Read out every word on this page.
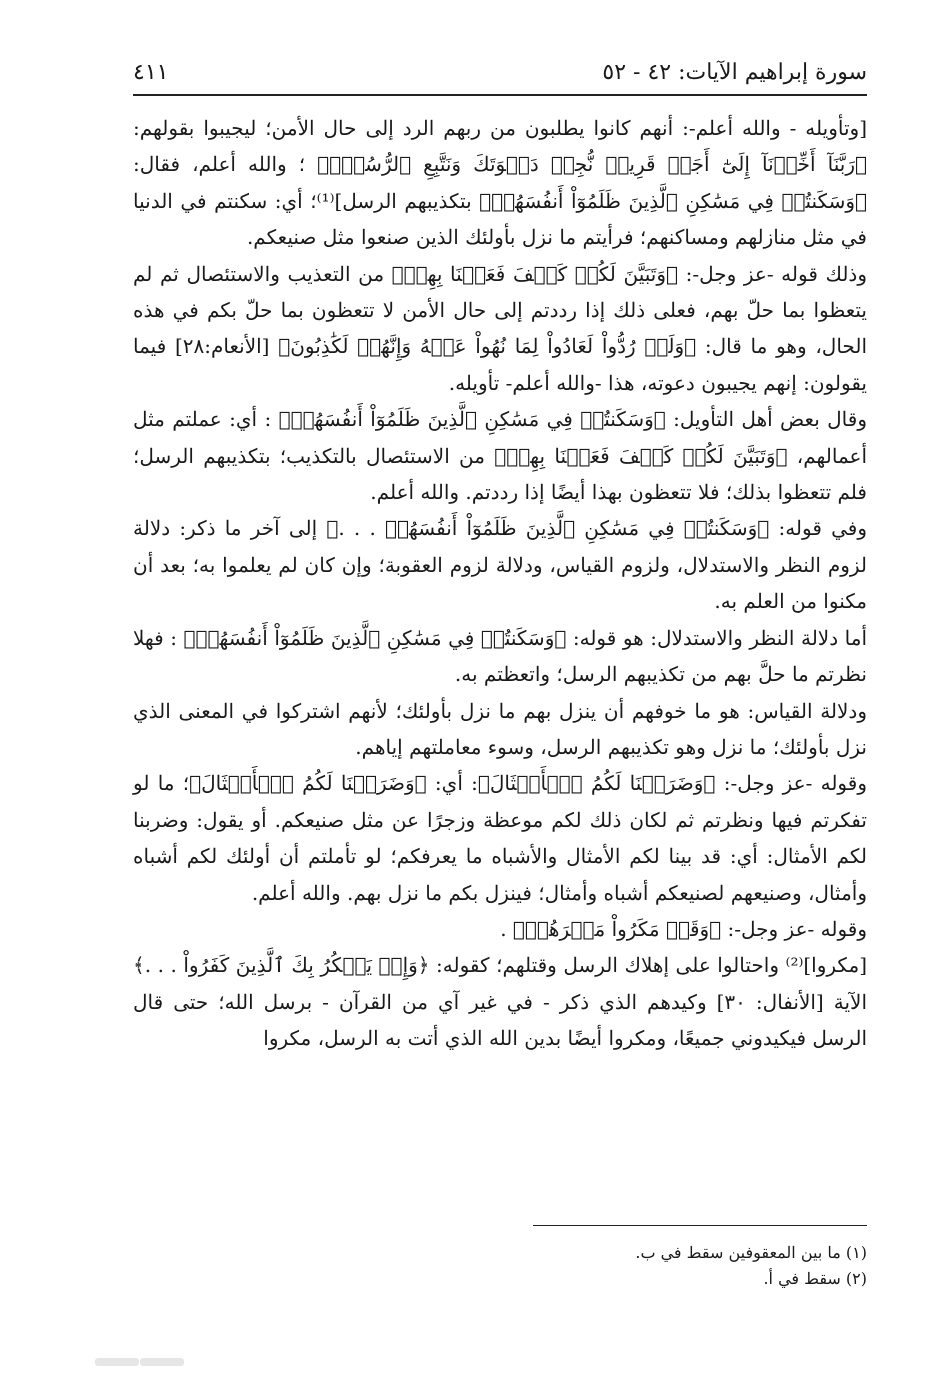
سورة إبراهيم الآيات: ٤٢ - ٥٢
٤١١

[وتأويله - والله أعلم-: أنهم كانوا يطلبون من ربهم الرد إلى حال الأمن؛ ليجيبوا بقولهم: ﴿رَبَّنَآ أَخِّرۡنَآ إِلَىٰٓ أَجَلٖ قَرِيبٖ نُّجِبۡ دَعۡوَتَكَ وَنَتَّبِعِ ٱلرُّسُلَۗ﴾ ؛ والله أعلم، فقال: ﴿وَسَكَنتُمۡ فِي مَسَٰكِنِ ٱلَّذِينَ ظَلَمُوٓاْ أَنفُسَهُمۡ﴾ بتكذيبهم الرسل]⁽¹⁾؛ أي: سكنتم في الدنيا في مثل منازلهم ومساكنهم؛ فرأيتم ما نزل بأولئك الذين صنعوا مثل صنيعكم.

وذلك قوله -عز وجل-: ﴿وَتَبَيَّنَ لَكُمۡ كَيۡفَ فَعَلۡنَا بِهِمۡ﴾ من التعذيب والاستئصال ثم لم يتعظوا بما حلّ بهم، فعلى ذلك إذا رددتم إلى حال الأمن لا تتعظون بما حلّ بكم في هذه الحال، وهو ما قال: ﴿وَلَوۡ رُدُّواْ لَعَادُواْ لِمَا نُهُواْ عَنۡهُ وَإِنَّهُمۡ لَكَٰذِبُونَ﴾ [الأنعام:٢٨] فيما يقولون: إنهم يجيبون دعوته، هذا -والله أعلم- تأويله.

وقال بعض أهل التأويل: ﴿وَسَكَنتُمۡ فِي مَسَٰكِنِ ٱلَّذِينَ ظَلَمُوٓاْ أَنفُسَهُمۡ﴾ : أي: عملتم مثل أعمالهم، ﴿وَتَبَيَّنَ لَكُمۡ كَيۡفَ فَعَلۡنَا بِهِمۡ﴾ من الاستئصال بالتكذيب؛ بتكذيبهم الرسل؛ فلم تتعظوا بذلك؛ فلا تتعظون بهذا أيضًا إذا رددتم. والله أعلم.

وفي قوله: ﴿وَسَكَنتُمۡ فِي مَسَٰكِنِ ٱلَّذِينَ ظَلَمُوٓاْ أَنفُسَهُمۡ . . .﴾ إلى آخر ما ذكر: دلالة لزوم النظر والاستدلال، ولزوم القياس، ودلالة لزوم العقوبة؛ وإن كان لم يعلموا به؛ بعد أن مكنوا من العلم به.

أما دلالة النظر والاستدلال: هو قوله: ﴿وَسَكَنتُمۡ فِي مَسَٰكِنِ ٱلَّذِينَ ظَلَمُوٓاْ أَنفُسَهُمۡ﴾ : فهلا نظرتم ما حلَّ بهم من تكذيبهم الرسل؛ واتعظتم به.

ودلالة القياس: هو ما خوفهم أن ينزل بهم ما نزل بأولئك؛ لأنهم اشتركوا في المعنى الذي نزل بأولئك؛ ما نزل وهو تكذيبهم الرسل، وسوء معاملتهم إياهم.

وقوله -عز وجل-: ﴿وَضَرَبۡنَا لَكُمُ ٱلۡأَمۡثَالَ﴾: أي: ﴿وَضَرَبۡنَا لَكُمُ ٱلۡأَمۡثَالَ﴾؛ ما لو تفكرتم فيها ونظرتم ثم لكان ذلك لكم موعظة وزجرًا عن مثل صنيعكم. أو يقول: وضربنا لكم الأمثال: أي: قد بينا لكم الأمثال والأشباه ما يعرفكم؛ لو تأملتم أن أولئك لكم أشباه وأمثال، وصنيعهم لصنيعكم أشباه وأمثال؛ فينزل بكم ما نزل بهم. والله أعلم.

وقوله -عز وجل-: ﴿وَقَدۡ مَكَرُواْ مَكۡرَهُمۡ﴾ .

[مكروا]⁽²⁾ واحتالوا على إهلاك الرسل وقتلهم؛ كقوله: ﴿وَإِذۡ يَمۡكُرُ بِكَ ٱلَّذِينَ كَفَرُواْ . . .﴾ الآية [الأنفال: ٣٠] وكيدهم الذي ذكر - في غير آي من القرآن - برسل الله؛ حتى قال الرسل فيكيدوني جميعًا، ومكروا أيضًا بدين الله الذي أتت به الرسل، مكروا

(١) ما بين المعقوفين سقط في ب.
(٢) سقط في أ.
